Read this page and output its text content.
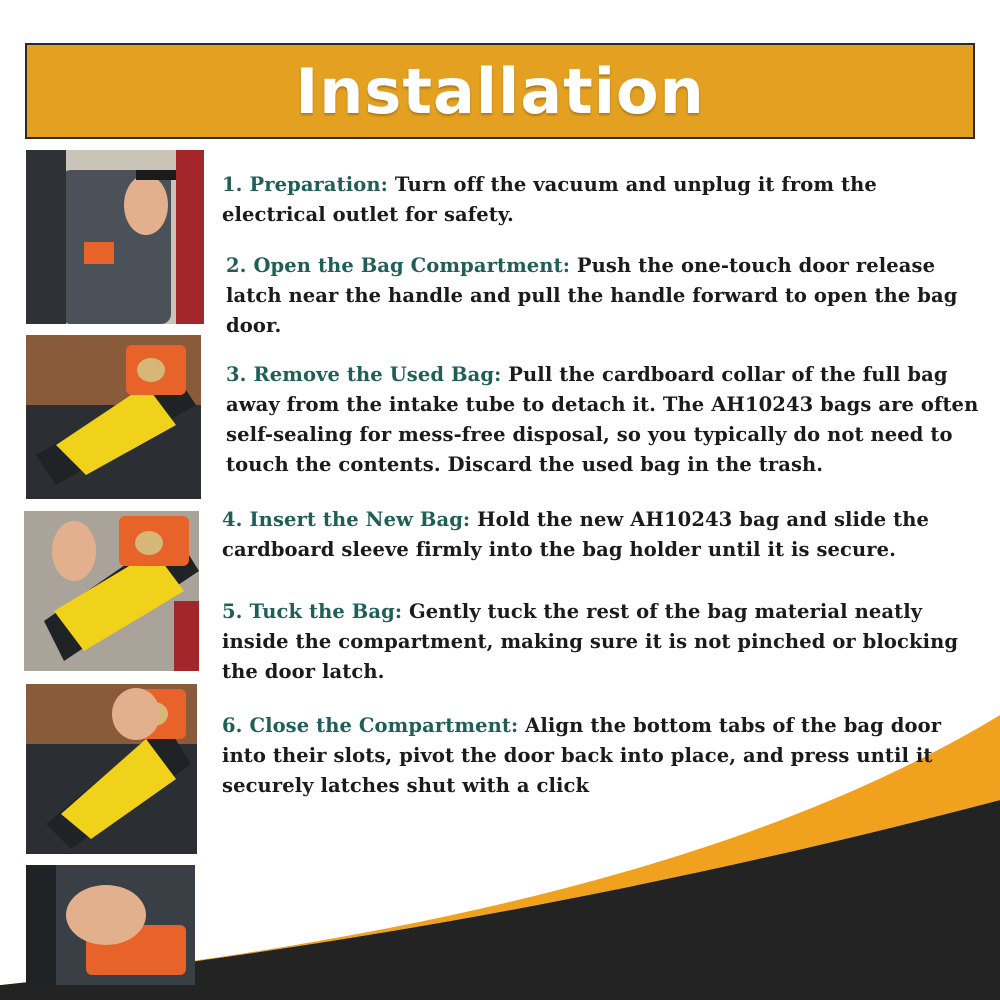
Installation
1. Preparation: Turn off the vacuum and unplug it from the electrical outlet for safety.
2. Open the Bag Compartment: Push the one-touch door release latch near the handle and pull the handle forward to open the bag door.
3. Remove the Used Bag: Pull the cardboard collar of the full bag away from the intake tube to detach it. The AH10243 bags are often self-sealing for mess-free disposal, so you typically do not need to touch the contents. Discard the used bag in the trash.
4. Insert the New Bag: Hold the new AH10243 bag and slide the cardboard sleeve firmly into the bag holder until it is secure.
5. Tuck the Bag: Gently tuck the rest of the bag material neatly inside the compartment, making sure it is not pinched or blocking the door latch.
6. Close the Compartment: Align the bottom tabs of the bag door into their slots, pivot the door back into place, and press until it securely latches shut with a click
